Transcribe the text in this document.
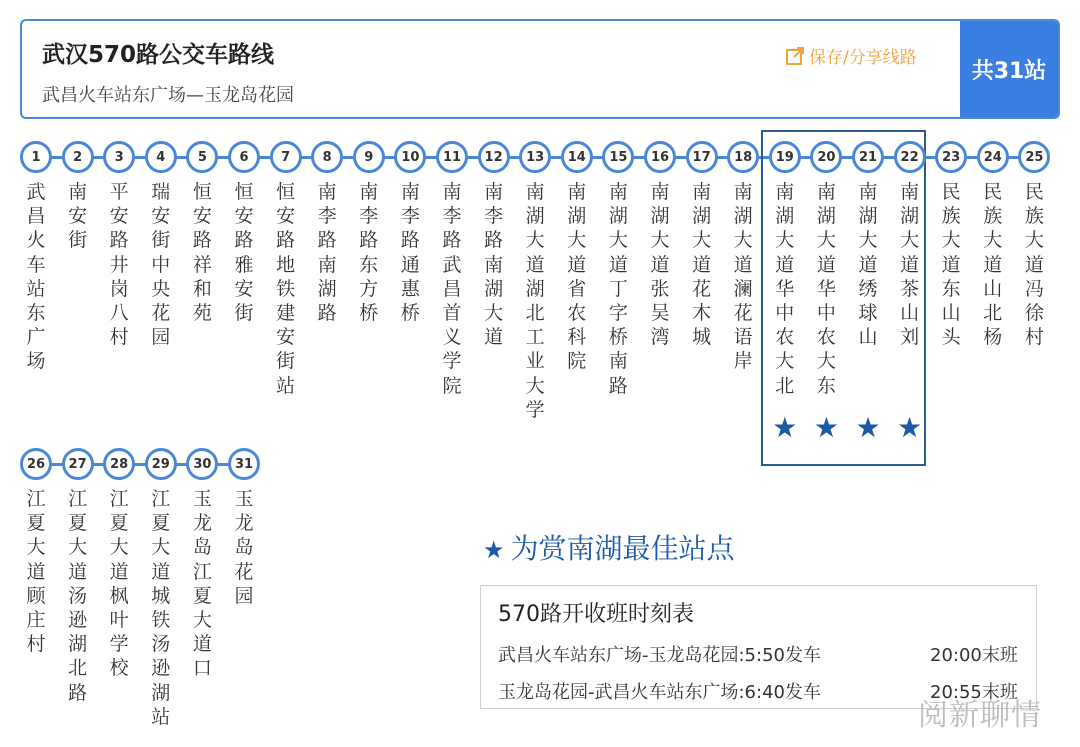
武汉570路公交车路线
武昌火车站东广场—玉龙岛花园
保存/分享线路
共31站
1
武昌火车站东广场
2
南安街
3
平安路井岗八村
4
瑞安街中央花园
5
恒安路祥和苑
6
恒安路雅安街
7
恒安路地铁建安街站
8
南李路南湖路
9
南李路东方桥
10
南李路通惠桥
11
南李路武昌首义学院
12
南李路南湖大道
13
南湖大道湖北工业大学
14
南湖大道省农科院
15
南湖大道丁字桥南路
16
南湖大道张吴湾
17
南湖大道花木城
18
南湖大道澜花语岸
19
南湖大道华中农大北
★
20
南湖大道华中农大东
★
21
南湖大道绣球山
★
22
南湖大道茶山刘
★
23
民族大道东山头
24
民族大道山北杨
25
民族大道冯徐村
26
江夏大道顾庄村
27
江夏大道汤逊湖北路
28
江夏大道枫叶学校
29
江夏大道城铁汤逊湖站
30
玉龙岛江夏大道口
31
玉龙岛花园
★ 为赏南湖最佳站点
570路开收班时刻表
武昌火车站东广场-玉龙岛花园:5:50发车	20:00末班
玉龙岛花园-武昌火车站东广场:6:40发车	20:55末班
阅新聊情
